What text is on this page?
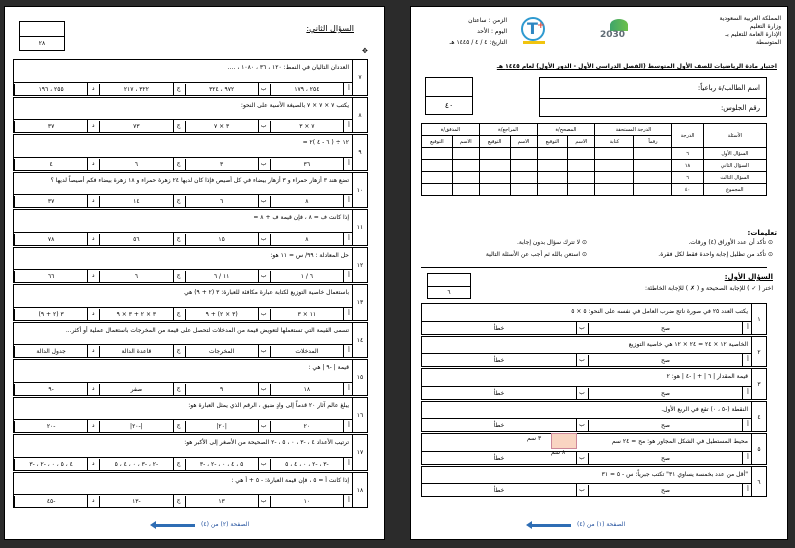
٢٨
السؤال الثاني:
✥
٧
العددان التاليان في النمط: ١٢٠ ، ٣٦ ، ١٠٨٠ ، ....
أ
٢٥٤ ، ١٧٩
ب
٩٧٢ ، ٣٢٤
ج
٣٢٢ ، ٢١٧
د
٢٥٥ ، ١٩٦
٨
يكتب ٧ × ٧ × ٧ بالصيغة الأسية على النحو:
أ
٧ × ٣
ب
٣ × ٧
ج
٧٣
د
٣٧
٩
١٢ ÷ ( ٦ - ٤ )٢ =
أ
٣٦
ب
٣
ج
٦
د
٤
١٠
تضع هند ٣ أزهار حمراء و ٣ أزهار بيضاء في كل أصيص فإذا كان لديها ٢٤ زهرة حمراء و ١٨ زهرة بيضاء فكم أصيصاً لديها ؟
أ
٨
ب
٦
ج
١٤
د
٣٧
١١
إذا كانت ف = ٨ ، فإن قيمة ف + ٨ =
أ
٨
ب
١٥
ج
٥٦
د
٧٨
١٢
حل المعادلة : ٩٩/ س = ١١ هو:
أ
٦ / ١
ب
١١ / ٦
ج
٦
د
٦٦
١٣
باستعمال خاصية التوزيع لكتابة عبارة مكافئة للعبارة: ٣ (٢ + ٩) هي
أ
١١ × ٣
ب
(٣ × ٢) + ٩
ج
٣ × ٢ + ٣ × ٩
د
٣ (٢ + ٩)
١٤
تسمى القيمة التي تستعملها لتعويض قيمة من المدخلات لتحصل على قيمة من المخرجات باستعمال عملية أو أكثر...
أ
المدخلات
ب
المخرجات
ج
قاعدة الدالة
د
جدول الدالة
١٥
قيمة | -٩ | هي :
أ
١٨
ب
٩
ج
صفر
د
-٩
١٦
يبلغ عالم آثار ٢٠ قدماً إلى وادٍ ضيق ، الرقم الذي يمثل العبارة هو:
أ
٢٠
ب
|٢٠|
ج
|-٢٠|
د
-٢٠
١٧
ترتيب الأعداد ٤ ، -٣ ، ٠ ، ٥ ، -٢ الصحيحة من الأصغر إلى الأكبر هو:
أ
-٣ ، -٢ ، ٠ ، ٤ ، ٥
ب
٥ ، ٤ ، ٠ ، -٢ ، -٣
ج
-٢ ، -٣ ، ٠ ، ٤ ، ٥
د
٤ ، ٥ ، ٠ ، -٢ ، -٣
١٨
إذا كانت أ = ٥ ، فإن قيمة العبارة: - ٥ + أ هي :
أ
١٠
ب
١٣
ج
-١٣
د
-٤٥
الصفحة (٢) من (٤)
المملكة العربية السعودية
وزارة التعليم
الإدارة العامة للتعليم بـ
المتوسطة
2030
T +
الزمن : ساعتان
اليوم : الأحد
التاريخ: ٤ / ٤ / ١٤٤٥ هـ
اختبار مادة الرياضيات للصف الأول المتوسط (الفصل الدراسي الأول - الدور الأول) لعام ١٤٤٥ هـ
٤٠
اسم الطالب/ة رباعياً:
رقم الجلوس:
المدقق/ة		المراجع/ة		المصحح/ة		الدرجة المستحقة		الدرجة	الأسئلة
التوقيع	الاسم	التوقيع	الاسم	التوقيع	الاسم	كتابة	رقماً		
								٦	السؤال الأول
								١٨	السؤال الثاني
								٦	السؤال الثالث
								٤٠	المجموع
تعليمات:
⊙ تأكد أن عدد الأوراق (٤) ورقات.
⊙ لا تترك سؤال بدون إجابة.
⊙ تأكد من تظليل إجابة واحدة فقط لكل فقرة.
⊙ استعن بالله ثم أجب عن الأسئلة التالية
السؤال الأول:
اختر ( ✓ ) للإجابة الصحيحة و ( ✗ ) للإجابة الخاطئة:
٦
١
يكتب العدد ٢٥ في صورة ناتج ضرب العامل في نفسه على النحو: ٥ × ٥
أ
صح
ب
خطأ
٢
الخاصية ١٢ × ٢٤ = ٢٤ × ١٢ هي خاصية التوزيع
أ
صح
ب
خطأ
٣
قيمة المقدار | ٦ | + | -٤ | هو: ٢
أ
صح
ب
خطأ
٤
النقطة (-٥ ، ٠) تقع في الربع الأول.
أ
صح
ب
خطأ
٥
محيط المستطيل في الشكل المجاور هو: مح = ٢٤ سم
أ
صح
ب
خطأ
٦
"أقل من عدد بخمسة يساوي ٣١" تكتب جبرياً: س - ٥ = ٣١
أ
صح
ب
خطأ
٣ سم
٨ سم
الصفحة (١) من (٤)
